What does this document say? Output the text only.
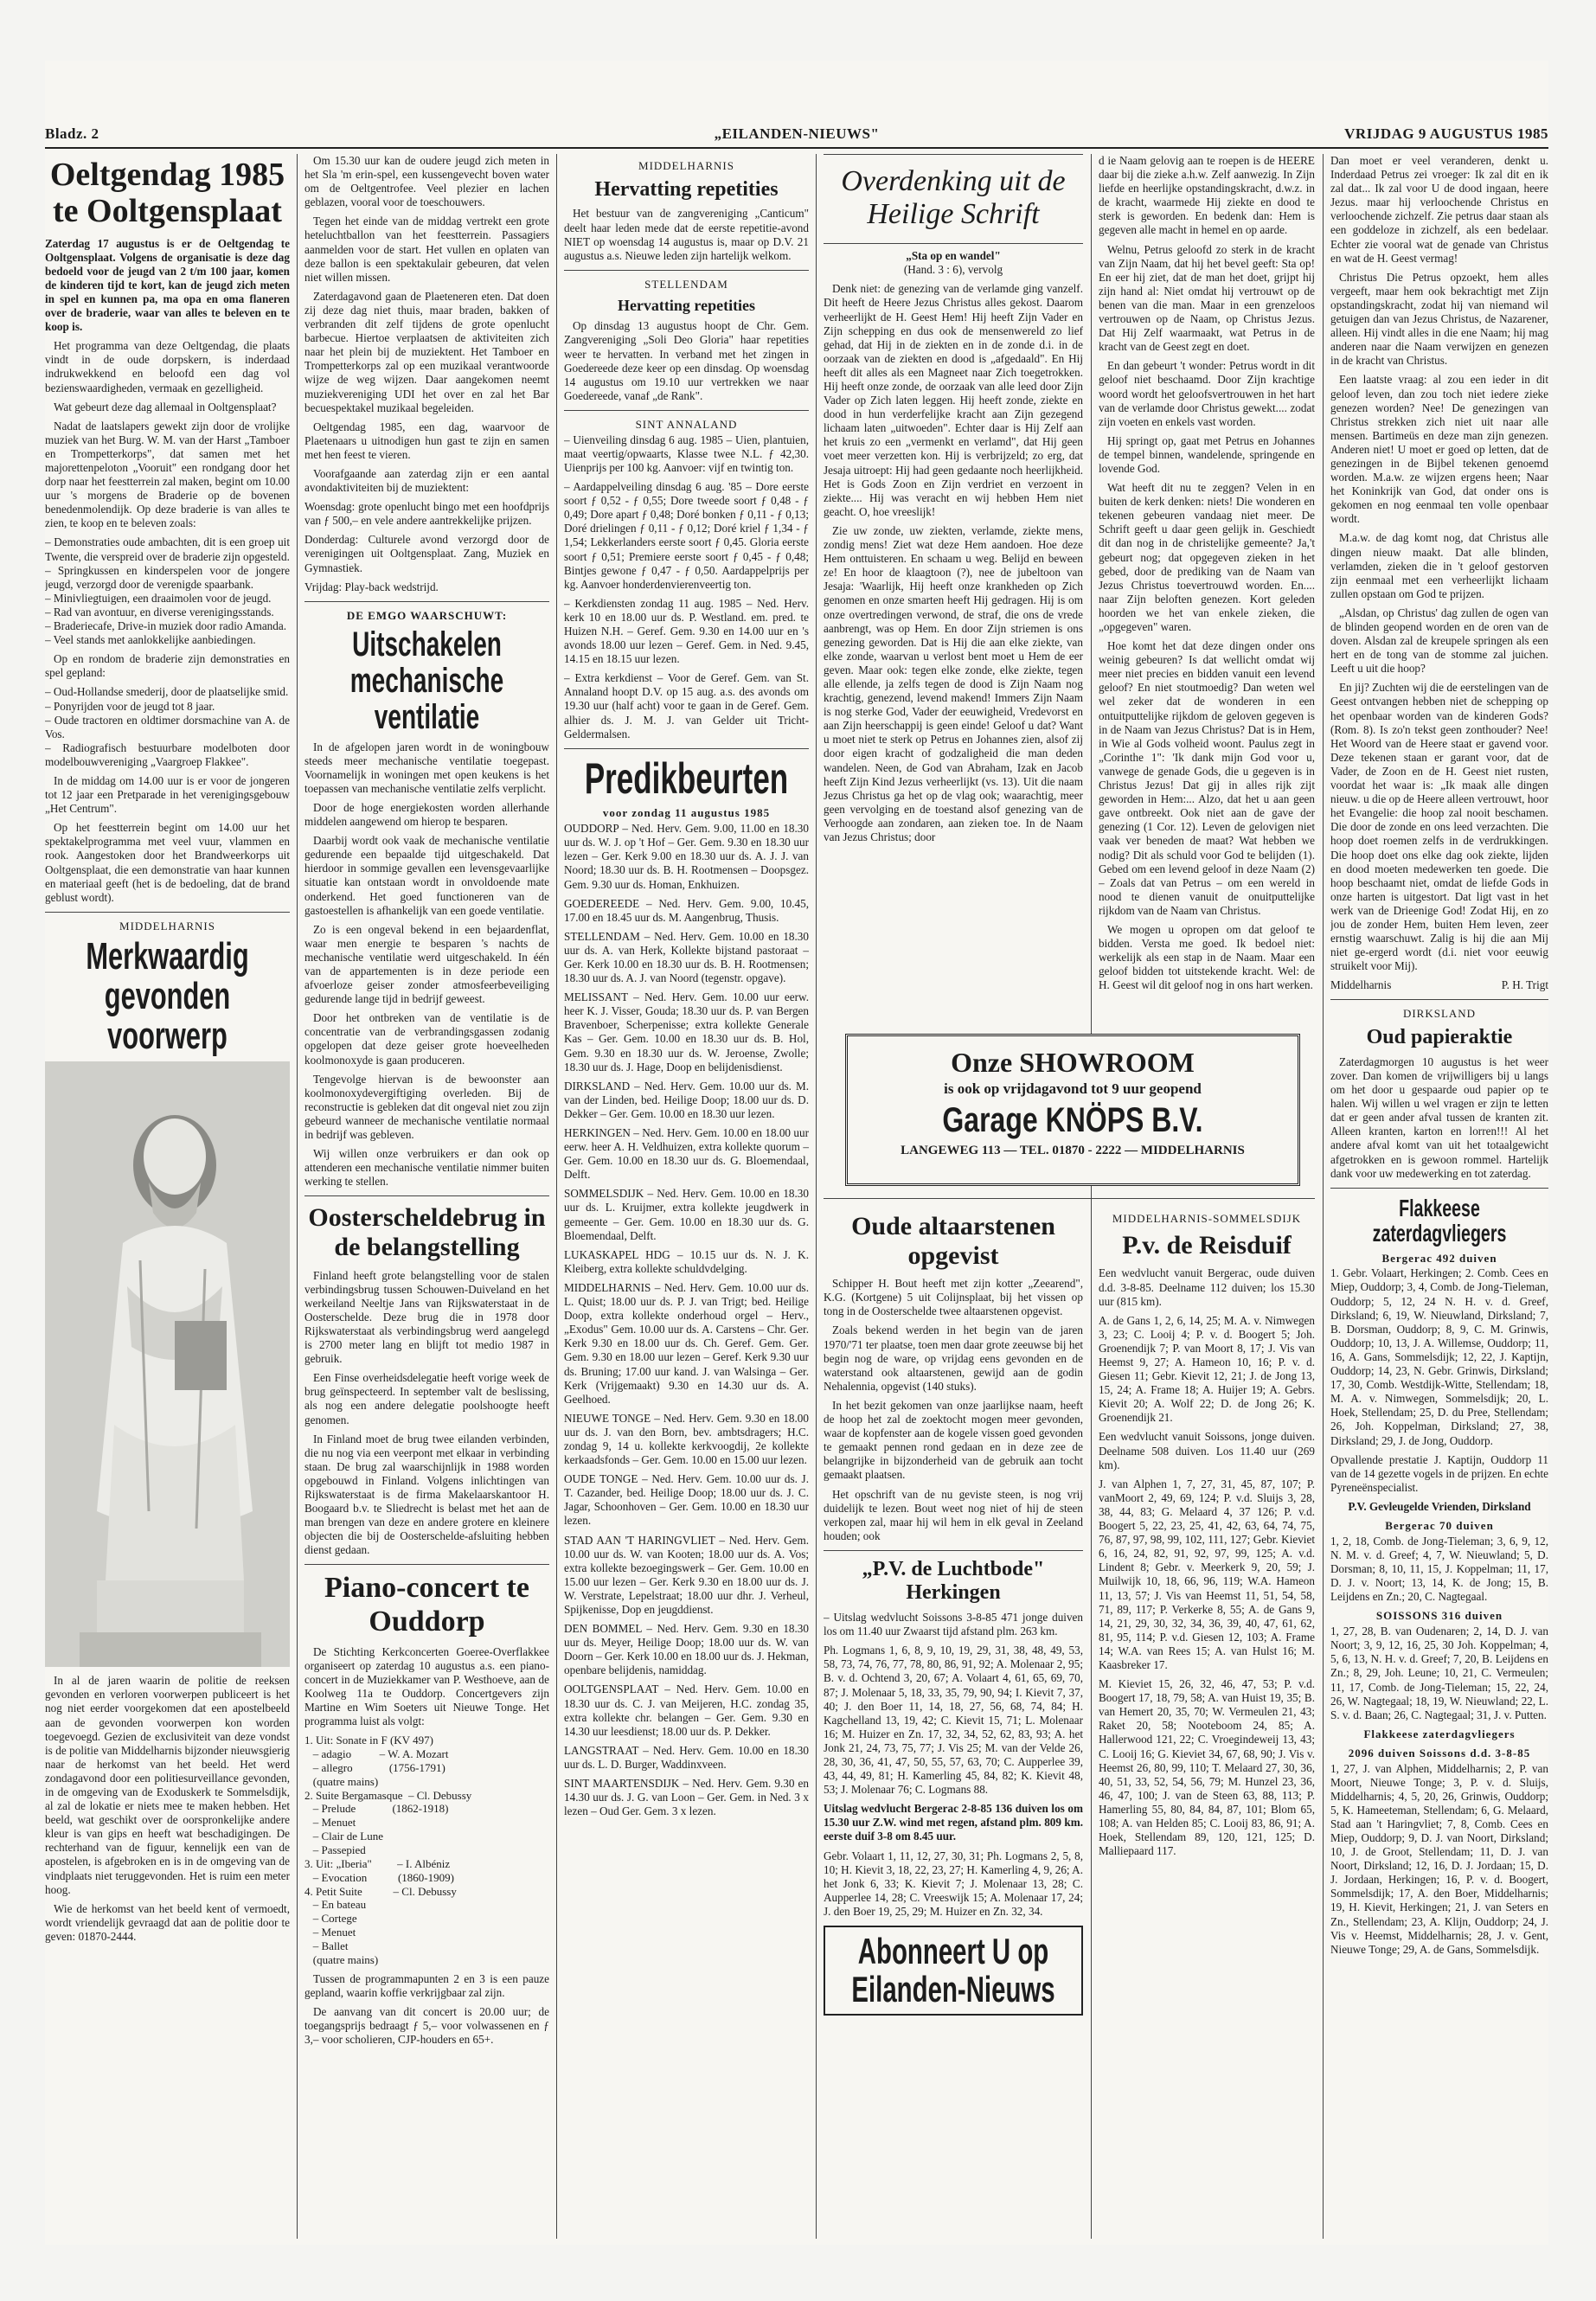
Bladz. 2	„EILANDEN-NIEUWS"	VRIJDAG 9 AUGUSTUS 1985
Oeltgendag 1985 te Ooltgensplaat

Zaterdag 17 augustus is er de Oeltgendag te Ooltgensplaat. Volgens de organisatie is deze dag bedoeld voor de jeugd van 2 t/m 100 jaar, komen de kinderen tijd te kort, kan de jeugd zich meten in spel en kunnen pa, ma opa en oma flaneren over de braderie, waar van alles te beleven en te koop is.

Het programma van deze Oeltgendag, die plaats vindt in de oude dorpskern, is inderdaad indrukwekkend en beloofd een dag vol bezienswaardigheden, vermaak en gezelligheid.

Wat gebeurt deze dag allemaal in Ooltgensplaat?

Nadat de laatslapers gewekt zijn door de vrolijke muziek van het Burg. W. M. van der Harst „Tamboer en Trompetterkorps", dat samen met het majorettenpeloton „Vooruit" een rondgang door het dorp naar het feestterrein zal maken, begint om 10.00 uur 's morgens de Braderie op de bovenen benedenmolendijk. Op deze braderie is van alles te zien, te koop en te beleven zoals:

– Demonstraties oude ambachten, dit is een groep uit Twente, die verspreid over de braderie zijn opgesteld.
– Springkussen en kinderspelen voor de jongere jeugd, verzorgd door de verenigde spaarbank.
– Minivliegtuigen, een draaimolen voor de jeugd.
– Rad van avontuur, en diverse verenigingsstands.
– Braderiecafe, Drive-in muziek door radio Amanda.
– Veel stands met aanlokkelijke aanbiedingen.

Op en rondom de braderie zijn demonstraties en spel gepland:

– Oud-Hollandse smederij, door de plaatselijke smid.
– Ponyrijden voor de jeugd tot 8 jaar.
– Oude tractoren en oldtimer dorsmachine van A. de Vos.
– Radiografisch bestuurbare modelboten door modelbouwvereniging „Vaargroep Flakkee".

In de middag om 14.00 uur is er voor de jongeren tot 12 jaar een Pretparade in het verenigingsgebouw „Het Centrum".

Op het feestterrein begint om 14.00 uur het spektakelprogramma met veel vuur, vlammen en rook. Aangestoken door het Brandweerkorps uit Ooltgensplaat, die een demonstratie van haar kunnen en materiaal geeft (het is de bedoeling, dat de brand geblust wordt).

MIDDELHARNIS
Merkwaardig gevonden voorwerp

In al de jaren waarin de politie de reeksen gevonden en verloren voorwerpen publiceert is het nog niet eerder voorgekomen dat een apostelbeeld aan de gevonden voorwerpen kon worden toegevoegd. Gezien de exclusiviteit van deze vondst is de politie van Middelharnis bijzonder nieuwsgierig naar de herkomst van het beeld. Het werd zondagavond door een politiesurveillance gevonden, in de omgeving van de Exoduskerk te Sommelsdijk, al zal de lokatie er niets mee te maken hebben. Het beeld, wat geschikt over de oorspronkelijke andere kleur is van gips en heeft wat beschadigingen. De rechterhand van de figuur, kennelijk een van de apostelen, is afgebroken en is in de omgeving van de vindplaats niet teruggevonden. Het is ruim een meter hoog.

Wie de herkomst van het beeld kent of vermoedt, wordt vriendelijk gevraagd dat aan de politie door te geven: 01870-2444.

Om 15.30 uur kan de oudere jeugd zich meten in het Sla 'm erin-spel, een kussengevecht boven water om de Oeltgentrofee. Veel plezier en lachen geblazen, vooral voor de toeschouwers.

Tegen het einde van de middag vertrekt een grote heteluchtballon van het feestterrein. Passagiers aanmelden voor de start. Het vullen en oplaten van deze ballon is een spektakulair gebeuren, dat velen niet willen missen.

Zaterdagavond gaan de Plaeteneren eten. Dat doen zij deze dag niet thuis, maar braden, bakken of verbranden dit zelf tijdens de grote openlucht barbecue. Hiertoe verplaatsen de aktiviteiten zich naar het plein bij de muziektent. Het Tamboer en Trompetterkorps zal op een muzikaal verantwoorde wijze de weg wijzen. Daar aangekomen neemt muziekvereniging UDI het over en zal het Bar becuespektakel muzikaal begeleiden.

Oeltgendag 1985, een dag, waarvoor de Plaetenaars u uitnodigen hun gast te zijn en samen met hen feest te vieren.

Voorafgaande aan zaterdag zijn er een aantal avondaktiviteiten bij de muziektent:

Woensdag: grote openlucht bingo met een hoofdprijs van ƒ 500,– en vele andere aantrekkelijke prijzen.

Donderdag: Culturele avond verzorgd door de verenigingen uit Ooltgensplaat. Zang, Muziek en Gymnastiek.

Vrijdag: Play-back wedstrijd.

DE EMGO WAARSCHUWT:
Uitschakelen mechanische ventilatie

In de afgelopen jaren wordt in de woningbouw steeds meer mechanische ventilatie toegepast. Voornamelijk in woningen met open keukens is het toepassen van mechanische ventilatie zelfs verplicht.

Door de hoge energiekosten worden allerhande middelen aangewend om hierop te besparen.

Daarbij wordt ook vaak de mechanische ventilatie gedurende een bepaalde tijd uitgeschakeld. Dat hierdoor in sommige gevallen een levensgevaarlijke situatie kan ontstaan wordt in onvoldoende mate onderkend. Het goed functioneren van de gastoestellen is afhankelijk van een goede ventilatie.

Zo is een ongeval bekend in een bejaardenflat, waar men energie te besparen 's nachts de mechanische ventilatie werd uitgeschakeld. In één van de appartementen is in deze periode een afvoerloze geiser zonder atmosfeerbeveiliging gedurende lange tijd in bedrijf geweest.

Door het ontbreken van de ventilatie is de concentratie van de verbrandingsgassen zodanig opgelopen dat deze geiser grote hoeveelheden koolmonoxyde is gaan produceren.

Tengevolge hiervan is de bewoonster aan koolmonoxydevergiftiging overleden. Bij de reconstructie is gebleken dat dit ongeval niet zou zijn gebeurd wanneer de mechanische ventilatie normaal in bedrijf was gebleven.

Wij willen onze verbruikers er dan ook op attenderen een mechanische ventilatie nimmer buiten werking te stellen.

Oosterscheldebrug in de belangstelling

Finland heeft grote belangstelling voor de stalen verbindingsbrug tussen Schouwen-Duiveland en het werkeiland Neeltje Jans van Rijkswaterstaat in de Oosterschelde. Deze brug die in 1978 door Rijkswaterstaat als verbindingsbrug werd aangelegd is 2700 meter lang en blijft tot medio 1987 in gebruik.

Een Finse overheidsdelegatie heeft vorige week de brug geïnspecteerd. In september valt de beslissing, als nog een andere delegatie poolshoogte heeft genomen.

In Finland moet de brug twee eilanden verbinden, die nu nog via een veerpont met elkaar in verbinding staan. De brug zal waarschijnlijk in 1988 worden opgebouwd in Finland. Volgens inlichtingen van Rijkswaterstaat is de firma Makelaarskantoor H. Boogaard b.v. te Sliedrecht is belast met het aan de man brengen van deze en andere grotere en kleinere objecten die bij de Oosterschelde-afsluiting hebben dienst gedaan.

Piano-concert te Ouddorp

De Stichting Kerkconcerten Goeree-Overflakkee organiseert op zaterdag 10 augustus a.s. een piano-concert in de Muziekkamer van P. Westhoeve, aan de Koolweg 11a te Ouddorp. Concertgevers zijn Martine en Wim Soeters uit Nieuwe Tonge. Het programma luist als volgt:

1. Uit: Sonate in F (KV 497)
– adagio          – W. A. Mozart
– allegro             (1756-1791)
(quatre mains)
2. Suite Bergamasque  – Cl. Debussy
– Prelude             (1862-1918)
– Menuet
– Clair de Lune
– Passepied
3. Uit: „Iberia"         – I. Albéniz
– Evocation           (1860-1909)
4. Petit Suite           – Cl. Debussy
– En bateau
– Cortege
– Menuet
– Ballet
(quatre mains)

Tussen de programmapunten 2 en 3 is een pauze gepland, waarin koffie verkrijgbaar zal zijn.

De aanvang van dit concert is 20.00 uur; de toegangsprijs bedraagt ƒ 5,– voor volwassenen en ƒ 3,– voor scholieren, CJP-houders en 65+.

MIDDELHARNIS
Hervatting repetities

Het bestuur van de zangvereniging „Canticum" deelt haar leden mede dat de eerste repetitie-avond NIET op woensdag 14 augustus is, maar op D.V. 21 augustus a.s. Nieuwe leden zijn hartelijk welkom.

STELLENDAM
Hervatting repetities

Op dinsdag 13 augustus hoopt de Chr. Gem. Zangvereniging „Soli Deo Gloria" haar repetities weer te hervatten. In verband met het zingen in Goedereede deze keer op een dinsdag. Op woensdag 14 augustus om 19.10 uur vertrekken we naar Goedereede, vanaf „de Rank".

SINT ANNALAND

– Uienveiling dinsdag 6 aug. 1985 – Uien, plantuien, maat veertig/opwaarts, Klasse twee N.L. ƒ 42,30. Uienprijs per 100 kg. Aanvoer: vijf en twintig ton.

– Aardappelveiling dinsdag 6 aug. '85 – Dore eerste soort ƒ 0,52 - ƒ 0,55; Dore tweede soort ƒ 0,48 - ƒ 0,49; Dore apart ƒ 0,48; Doré bonken ƒ 0,11 - ƒ 0,13; Doré drielingen ƒ 0,11 - ƒ 0,12; Doré kriel ƒ 1,34 - ƒ 1,54; Lekkerlanders eerste soort ƒ 0,45. Gloria eerste soort ƒ 0,51; Premiere eerste soort ƒ 0,45 - ƒ 0,48; Bintjes gewone ƒ 0,47 - ƒ 0,50. Aardappelprijs per kg. Aanvoer honderdenvierenveertig ton.

– Kerkdiensten zondag 11 aug. 1985 – Ned. Herv. kerk 10 en 18.00 uur ds. P. Westland. em. pred. te Huizen N.H. – Geref. Gem. 9.30 en 14.00 uur en 's avonds 18.00 uur lezen – Geref. Gem. in Ned. 9.45, 14.15 en 18.15 uur lezen.

– Extra kerkdienst – Voor de Geref. Gem. van St. Annaland hoopt D.V. op 15 aug. a.s. des avonds om 19.30 uur (half acht) voor te gaan in de Geref. Gem. alhier ds. J. M. J. van Gelder uit Tricht-Geldermalsen.

Predikbeurten
voor zondag 11 augustus 1985

OUDDORP – Ned. Herv. Gem. 9.00, 11.00 en 18.30 uur ds. W. J. op 't Hof – Ger. Gem. 9.30 en 18.30 uur lezen – Ger. Kerk 9.00 en 18.30 uur ds. A. J. J. van Noord; 18.30 uur ds. B. H. Rootmensen – Doopsgez. Gem. 9.30 uur ds. Homan, Enkhuizen.

GOEDEREEDE – Ned. Herv. Gem. 9.00, 10.45, 17.00 en 18.45 uur ds. M. Aangenbrug, Thusis.

STELLENDAM – Ned. Herv. Gem. 10.00 en 18.30 uur ds. A. van Herk, Kollekte bijstand pastoraat – Ger. Kerk 10.00 en 18.30 uur ds. B. H. Rootmensen; 18.30 uur ds. A. J. van Noord (tegenstr. opgave).

MELISSANT – Ned. Herv. Gem. 10.00 uur eerw. heer K. J. Visser, Gouda; 18.30 uur ds. P. van Bergen Bravenboer, Scherpenisse; extra kollekte Generale Kas – Ger. Gem. 10.00 en 18.30 uur ds. B. Hol, Gem. 9.30 en 18.30 uur ds. W. Jeroense, Zwolle; 18.30 uur ds. J. Hage, Doop en belijdenisdienst.

DIRKSLAND – Ned. Herv. Gem. 10.00 uur ds. M. van der Linden, bed. Heilige Doop; 18.00 uur ds. D. Dekker – Ger. Gem. 10.00 en 18.30 uur lezen.

HERKINGEN – Ned. Herv. Gem. 10.00 en 18.00 uur eerw. heer A. H. Veldhuizen, extra kollekte quorum – Ger. Gem. 10.00 en 18.30 uur ds. G. Bloemendaal, Delft.

SOMMELSDIJK – Ned. Herv. Gem. 10.00 en 18.30 uur ds. L. Kruijmer, extra kollekte jeugdwerk in gemeente – Ger. Gem. 10.00 en 18.30 uur ds. G. Bloemendaal, Delft.

LUKASKAPEL HDG – 10.15 uur ds. N. J. K. Kleiberg, extra kollekte schuldvdelging.

MIDDELHARNIS – Ned. Herv. Gem. 10.00 uur ds. L. Quist; 18.00 uur ds. P. J. van Trigt; bed. Heilige Doop, extra kollekte onderhoud orgel – Herv., „Exodus" Gem. 10.00 uur ds. A. Carstens – Chr. Ger. Kerk 9.30 en 18.00 uur ds. Ch. Geref. Gem. Ger. Gem. 9.30 en 18.00 uur lezen – Geref. Kerk 9.30 uur ds. Bruning; 17.00 uur kand. J. van Walsinga – Ger. Kerk (Vrijgemaakt) 9.30 en 14.30 uur ds. A. Geelhoed.

NIEUWE TONGE – Ned. Herv. Gem. 9.30 en 18.00 uur ds. J. van den Born, bev. ambtsdragers; H.C. zondag 9, 14 u. kollekte kerkvoogdij, 2e kollekte kerkaadsfonds – Ger. Gem. 10.00 en 15.00 uur lezen.

OUDE TONGE – Ned. Herv. Gem. 10.00 uur ds. J. T. Cazander, bed. Heilige Doop; 18.00 uur ds. J. C. Jagar, Schoonhoven – Ger. Gem. 10.00 en 18.30 uur lezen.

STAD AAN 'T HARINGVLIET – Ned. Herv. Gem. 10.00 uur ds. W. van Kooten; 18.00 uur ds. A. Vos; extra kollekte bezoegingswerk – Ger. Gem. 10.00 en 15.00 uur lezen – Ger. Kerk 9.30 en 18.00 uur ds. J. W. Verstrate, Lepelstraat; 18.00 uur dhr. J. Verheul, Spijkenisse, Dop en jeugddienst.

DEN BOMMEL – Ned. Herv. Gem. 9.30 en 18.30 uur ds. Meyer, Heilige Doop; 18.00 uur ds. W. van Doorn – Ger. Kerk 10.00 en 18.00 uur ds. J. Hekman, openbare belijdenis, namiddag.

OOLTGENSPLAAT – Ned. Herv. Gem. 10.00 en 18.30 uur ds. C. J. van Meijeren, H.C. zondag 35, extra kollekte chr. belangen – Ger. Gem. 9.30 en 14.30 uur leesdienst; 18.00 uur ds. P. Dekker.

LANGSTRAAT – Ned. Herv. Gem. 10.00 en 18.30 uur ds. L. D. Burger, Waddinxveen.

SINT MAARTENSDIJK – Ned. Herv. Gem. 9.30 en 14.30 uur ds. J. G. van Loon – Ger. Gem. in Ned. 3 x lezen – Oud Ger. Gem. 3 x lezen.

Overdenking uit de Heilige Schrift
„Sta op en wandel"
(Hand. 3 : 6), vervolg

Denk niet: de genezing van de verlamde ging vanzelf. Dit heeft de Heere Jezus Christus alles gekost. Daarom verheerlijkt de H. Geest Hem! Hij heeft Zijn Vader en Zijn schepping en dus ook de mensenwereld zo lief gehad, dat Hij in de ziekten en in de zonde d.i. in de oorzaak van de ziekten en dood is „afgedaald". En Hij heeft dit alles als een Magneet naar Zich toegetrokken. Hij heeft onze zonde, de oorzaak van alle leed door Zijn Vader op Zich laten leggen. Hij heeft zonde, ziekte en dood in hun verderfelijke kracht aan Zijn gezegend lichaam laten „uitwoeden". Echter daar is Hij Zelf aan het kruis zo een „vermenkt en verlamd", dat Hij geen voet meer verzetten kon. Hij is verbrijzeld; zo erg, dat Jesaja uitroept: Hij had geen gedaante noch heerlijkheid. Het is Gods Zoon en Zijn verdriet en verzoent in ziekte.... Hij was veracht en wij hebben Hem niet geacht. O, hoe vreeslijk!

Zie uw zonde, uw ziekten, verlamde, ziekte mens, zondig mens! Ziet wat deze Hem aandoen. Hoe deze Hem onttuisteren. En schaam u weg. Belijd en beween ze! En hoor de klaagtoon (?), nee de jubeltoon van Jesaja: 'Waarlijk, Hij heeft onze krankheden op Zich genomen en onze smarten heeft Hij gedragen. Hij is om onze overtredingen verwond, de straf, die ons de vrede aanbrengt, was op Hem. En door Zijn striemen is ons genezing geworden. Dat is Hij die aan elke ziekte, van elke zonde, waarvan u verlost bent moet u Hem de eer geven. Maar ook: tegen elke zonde, elke ziekte, tegen alle ellende, ja zelfs tegen de dood is Zijn Naam nog krachtig, genezend, levend makend! Immers Zijn Naam is nog sterke God, Vader der eeuwigheid, Vredevorst en aan Zijn heerschappij is geen einde! Geloof u dat? Want u moet niet te sterk op Petrus en Johannes zien, alsof zij door eigen kracht of godzaligheid die man deden wandelen. Neen, de God van Abraham, Izak en Jacob heeft Zijn Kind Jezus verheerlijkt (vs. 13). Uit die naam Jezus Christus ga het op de vlag ook; waarachtig, meer geen vervolging en de toestand alsof genezing van de Verhoogde aan zondaren, aan zieken toe. In de Naam van Jezus Christus; door

d ie Naam gelovig aan te roepen is de HEERE daar bij die zieke a.h.w. Zelf aanwezig. In Zijn liefde en heerlijke opstandingskracht, d.w.z. in de kracht, waarmede Hij ziekte en dood te sterk is geworden. En bedenk dan: Hem is gegeven alle macht in hemel en op aarde.

Welnu, Petrus geloofd zo sterk in de kracht van Zijn Naam, dat hij het bevel geeft: Sta op! En eer hij ziet, dat de man het doet, grijpt hij zijn hand al: Niet omdat hij vertrouwt op de benen van die man. Maar in een grenzeloos vertrouwen op de Naam, op Christus Jezus. Dat Hij Zelf waarmaakt, wat Petrus in de kracht van de Geest zegt en doet.

En dan gebeurt 't wonder: Petrus wordt in dit geloof niet beschaamd. Door Zijn krachtige woord wordt het geloofsvertrouwen in het hart van de verlamde door Christus gewekt.... zodat zijn voeten en enkels vast worden.

Hij springt op, gaat met Petrus en Johannes de tempel binnen, wandelende, springende en lovende God.

Wat heeft dit nu te zeggen? Velen in en buiten de kerk denken: niets! Die wonderen en tekenen gebeuren vandaag niet meer. De Schrift geeft u daar geen gelijk in. Geschiedt dit dan nog in de christelijke gemeente? Ja,'t gebeurt nog; dat opgegeven zieken in het gebed, door de prediking van de Naam van Jezus Christus toevertrouwd worden. En.... naar Zijn beloften genezen. Kort geleden hoorden we het van enkele zieken, die „opgegeven" waren.

Hoe komt het dat deze dingen onder ons weinig gebeuren? Is dat wellicht omdat wij meer niet precies en bidden vanuit een levend geloof? En niet stoutmoedig? Dan weten wel wel zeker dat de wonderen in een ontuitputtelijke rijkdom de geloven gegeven is in de Naam van Jezus Christus? Dat is in Hem, in Wie al Gods volheid woont. Paulus zegt in „Corinthe 1": 'Ik dank mijn God voor u, vanwege de genade Gods, die u gegeven is in Christus Jezus! Dat gij in alles rijk zijt geworden in Hem:... Alzo, dat het u aan geen gave ontbreekt. Ook niet aan de gave der genezing (1 Cor. 12). Leven de gelovigen niet vaak ver beneden de maat? Wat hebben we nodig? Dit als schuld voor God te belijden (1). Gebed om een levend geloof in deze Naam (2) – Zoals dat van Petrus – om een wereld in nood te dienen vanuit de onuitputtelijke rijkdom van de Naam van Christus.

We mogen u opropen om dat geloof te bidden. Versta me goed. Ik bedoel niet: werkelijk als een stap in de Naam. Maar een geloof bidden tot uitstekende kracht. Wel: de H. Geest wil dit geloof nog in ons hart werken.

Onze SHOWROOM
is ook op vrijdagavond tot 9 uur geopend
Garage KNÖPS B.V.
LANGEWEG 113 — TEL. 01870 - 2222 — MIDDELHARNIS
Oude altaarstenen opgevist

Schipper H. Bout heeft met zijn kotter „Zeearend", K.G. (Kortgene) 5 uit Colijnsplaat, bij het vissen op tong in de Oosterschelde twee altaarstenen opgevist.

Zoals bekend werden in het begin van de jaren 1970/'71 ter plaatse, toen men daar grote zeeuwse bij het begin nog de ware, op vrijdag eens gevonden en de waterstand ook altaarstenen, gewijd aan de godin Nehalennia, opgevist (140 stuks).

In het bezit gekomen van onze jaarlijkse naam, heeft de hoop het zal de zoektocht mogen meer gevonden, waar de kopfenster aan de kogele vissen goed gevonden te gemaakt pennen rond gedaan en in deze zee de belangrijke in bijzonderheid van de gebruik aan tocht gemaakt plaatsen.

Het opschrift van de nu geviste steen, is nog vrij duidelijk te lezen. Bout weet nog niet of hij de steen verkopen zal, maar hij wil hem in elk geval in Zeeland houden; ook

„P.V. de Luchtbode" Herkingen

– Uitslag wedvlucht Soissons 3-8-85 471 jonge duiven los om 11.40 uur Zwaarst tijd afstand plm. 263 km.

Ph. Logmans 1, 6, 8, 9, 10, 19, 29, 31, 38, 48, 49, 53, 58, 73, 74, 76, 77, 78, 80, 86, 91, 92; A. Molenaar 2, 95; B. v. d. Ochtend 3, 20, 67; A. Volaart 4, 61, 65, 69, 70, 87; J. Molenaar 5, 18, 33, 35, 79, 90, 94; I. Kievit 7, 37, 40; J. den Boer 11, 14, 18, 27, 56, 68, 74, 84; H. Kagchelland 13, 19, 42; C. Kievit 15, 71; L. Molenaar 16; M. Huizer en Zn. 17, 32, 34, 52, 62, 83, 93; A. het Jonk 21, 24, 73, 75, 77; J. Vis 25; M. van der Velde 26, 28, 30, 36, 41, 47, 50, 55, 57, 63, 70; C. Aupperlee 39, 43, 44, 49, 81; H. Kamerling 45, 84, 82; K. Kievit 48, 53; J. Molenaar 76; C. Logmans 88.

Uitslag wedvlucht Bergerac 2-8-85 136 duiven los om 15.30 uur Z.W. wind met regen, afstand plm. 809 km. eerste duif 3-8 om 8.45 uur.

Gebr. Volaart 1, 11, 12, 27, 30, 31; Ph. Logmans 2, 5, 8, 10; H. Kievit 3, 18, 22, 23, 27; H. Kamerling 4, 9, 26; A. het Jonk 6, 33; K. Kievit 7; J. Molenaar 13, 28; C. Aupperlee 14, 28; C. Vreeswijk 15; A. Molenaar 17, 24; J. den Boer 19, 25, 29; M. Huizer en Zn. 32, 34.

Abonneert U op Eilanden-Nieuws
MIDDELHARNIS-SOMMELSDIJK
P.v. de Reisduif

Een wedvlucht vanuit Bergerac, oude duiven d.d. 3-8-85. Deelname 112 duiven; los 15.30 uur (815 km).

A. de Gans 1, 2, 6, 14, 25; M. A. v. Nimwegen 3, 23; C. Looij 4; P. v. d. Boogert 5; Joh. Groenendijk 7; P. van Moort 8, 17; J. Vis van Heemst 9, 27; A. Hameon 10, 16; P. v. d. Giesen 11; Gebr. Kievit 12, 21; J. de Jong 13, 15, 24; A. Frame 18; A. Huijer 19; A. Gebrs. Kievit 20; A. Wolf 22; D. de Jong 26; K. Groenendijk 21.

Een wedvlucht vanuit Soissons, jonge duiven. Deelname 508 duiven. Los 11.40 uur (269 km).

J. van Alphen 1, 7, 27, 31, 45, 87, 107; P. vanMoort 2, 49, 69, 124; P. v.d. Sluijs 3, 28, 38, 44, 83; G. Melaard 4, 37 126; P. v.d. Boogert 5, 22, 23, 25, 41, 42, 63, 64, 74, 75, 76, 87, 97, 98, 99, 102, 111, 127; Gebr. Kieviet 6, 16, 24, 82, 91, 92, 97, 99, 125; A. v.d. Lindent 8; Gebr. v. Meerkerk 9, 20, 59; J. Muilwijk 10, 18, 66, 96, 119; W.A. Hameon 11, 13, 57; J. Vis van Heemst 11, 51, 54, 58, 71, 89, 117; P. Verkerke 8, 55; A. de Gans 9, 14, 21, 29, 30, 32, 34, 36, 39, 40, 47, 61, 62, 81, 95, 114; P. v.d. Giesen 12, 103; A. Frame 14; W.A. van Rees 15; A. van Hulst 16; M. Kaasbreker 17.

M. Kieviet 15, 26, 32, 46, 47, 53; P. v.d. Boogert 17, 18, 79, 58; A. van Huist 19, 35; B. van Hemert 20, 35, 70; W. Vermeulen 21, 43; Raket 20, 58; Nooteboom 24, 85; A. Hallerwood 121, 22; C. Vroegindeweij 13, 43; C. Looij 16; G. Kieviet 34, 67, 68, 90; J. Vis v. Heemst 26, 80, 99, 110; T. Melaard 27, 30, 36, 40, 51, 33, 52, 54, 56, 79; M. Hunzel 23, 36, 46, 47, 100; J. van de Steen 63, 88, 113; P. Hamerling 55, 80, 84, 84, 87, 101; Blom 65, 108; A. van Helden 85; C. Looij 83, 86, 91; A. Hoek, Stellendam 89, 120, 121, 125; D. Malliepaard 117.

Dan moet er veel veranderen, denkt u. Inderdaad Petrus zei vroeger: Ik zal dit en ik zal dat... Ik zal voor U de dood ingaan, heere Jezus. maar hij verloochende Christus en verloochende zichzelf. Zie petrus daar staan als een goddeloze in zichzelf, als een bedelaar. Echter zie vooral wat de genade van Christus en wat de H. Geest vermag!

Christus Die Petrus opzoekt, hem alles vergeeft, maar hem ook bekrachtigt met Zijn opstandingskracht, zodat hij van niemand wil getuigen dan van Jezus Christus, de Nazarener, alleen. Hij vindt alles in die ene Naam; hij mag anderen naar die Naam verwijzen en genezen in de kracht van Christus.

Een laatste vraag: al zou een ieder in dit geloof leven, dan zou toch niet iedere zieke genezen worden? Nee! De genezingen van Christus strekken zich niet uit naar alle mensen. Bartimeüs en deze man zijn genezen. Anderen niet! U moet er goed op letten, dat de genezingen in de Bijbel tekenen genoemd worden. M.a.w. ze wijzen ergens heen; Naar het Koninkrijk van God, dat onder ons is gekomen en nog eenmaal ten volle openbaar wordt.

M.a.w. de dag komt nog, dat Christus alle dingen nieuw maakt. Dat alle blinden, verlamden, zieken die in 't geloof gestorven zijn eenmaal met een verheerlijkt lichaam zullen opstaan om God te prijzen.

„Alsdan, op Christus' dag zullen de ogen van de blinden geopend worden en de oren van de doven. Alsdan zal de kreupele springen als een hert en de tong van de stomme zal juichen. Leeft u uit die hoop?

En jij? Zuchten wij die de eerstelingen van de Geest ontvangen hebben niet de schepping op het openbaar worden van de kinderen Gods? (Rom. 8). Is zo'n tekst geen zonthouder? Nee! Het Woord van de Heere staat er gavend voor. Deze tekenen staan er garant voor, dat de Vader, de Zoon en de H. Geest niet rusten, voordat het waar is: „Ik maak alle dingen nieuw. u die op de Heere alleen vertrouwt, hoor het Evangelie: die hoop zal nooit beschamen. Die door de zonde en ons leed verzachten. Die hoop doet roemen zelfs in de verdrukkingen. Die hoop doet ons elke dag ook ziekte, lijden en dood moeten medewerken ten goede. Die hoop beschaamt niet, omdat de liefde Gods in onze harten is uitgestort. Dat ligt vast in het werk van de Drieenige God! Zodat Hij, en zo jou de zonder Hem, buiten Hem leven, zeer ernstig waarschuwt. Zalig is hij die aan Mij niet ge-ergerd wordt (d.i. niet voor eeuwig struikelt voor Mij).

Middelharnis	P. H. Trigt
DIRKSLAND
Oud papieraktie

Zaterdagmorgen 10 augustus is het weer zover. Dan komen de vrijwilligers bij u langs om het door u gespaarde oud papier op te halen. Wij willen u wel vragen er zijn te letten dat er geen ander afval tussen de kranten zit. Alleen kranten, karton en lorren!!! Al het andere afval komt van uit het totaalgewicht afgetrokken en is gewoon rommel. Hartelijk dank voor uw medewerking en tot zaterdag.

Flakkeese zaterdagvliegers
Bergerac 492 duiven

1. Gebr. Volaart, Herkingen; 2. Comb. Cees en Miep, Ouddorp; 3, 4, Comb. de Jong-Tieleman, Ouddorp; 5, 12, 24 N. H. v. d. Greef, Dirksland; 6, 19, W. Nieuwland, Dirksland; 7, B. Dorsman, Ouddorp; 8, 9, C. M. Grinwis, Ouddorp; 10, 13, J. A. Willemse, Ouddorp; 11, 16, A. Gans, Sommelsdijk; 12, 22, J. Kaptijn, Ouddorp; 14, 23, N. Gebr. Grinwis, Dirksland; 17, 30, Comb. Westdijk-Witte, Stellendam; 18, M. A. v. Nimwegen, Sommelsdijk; 20, L. Hoek, Stellendam; 25, D. du Pree, Stellendam; 26, Joh. Koppelman, Dirksland; 27, 38, Dirksland; 29, J. de Jong, Ouddorp.

Opvallende prestatie J. Kaptijn, Ouddorp 11 van de 14 gezette vogels in de prijzen. En echte Pyreneënspecialist.

P.V. Gevleugelde Vrienden, Dirksland
Bergerac 70 duiven

1, 2, 18, Comb. de Jong-Tieleman; 3, 6, 9, 12, N. M. v. d. Greef; 4, 7, W. Nieuwland; 5, D. Dorsman; 8, 10, 11, 15, J. Koppelman; 11, 17, D. J. v. Noort; 13, 14, K. de Jong; 15, B. Leijdens en Zn.; 20, C. Nagtegaal.

SOISSONS 316 duiven

1, 27, 28, B. van Oudenaren; 2, 14, D. J. van Noort; 3, 9, 12, 16, 25, 30 Joh. Koppelman; 4, 5, 6, 13, N. H. v. d. Greef; 7, 20, B. Leijdens en Zn.; 8, 29, Joh. Leune; 10, 21, C. Vermeulen; 11, 17, Comb. de Jong-Tieleman; 15, 22, 24, 26, W. Nagtegaal; 18, 19, W. Nieuwland; 22, L. S. v. d. Baan; 26, C. Nagtegaal; 31, J. v. Putten.

Flakkeese zaterdagvliegers
2096 duiven Soissons d.d. 3-8-85

1, 27, J. van Alphen, Middelharnis; 2, P. van Moort, Nieuwe Tonge; 3, P. v. d. Sluijs, Middelharnis; 4, 5, 20, 26, Grinwis, Ouddorp; 5, K. Hameeteman, Stellendam; 6, G. Melaard, Stad aan 't Haringvliet; 7, 8, Comb. Cees en Miep, Ouddorp; 9, D. J. van Noort, Dirksland; 10, J. de Groot, Stellendam; 11, D. J. van Noort, Dirksland; 12, 16, D. J. Jordaan; 15, D. J. Jordaan, Herkingen; 16, P. v. d. Boogert, Sommelsdijk; 17, A. den Boer, Middelharnis; 19, H. Kievit, Herkingen; 21, J. van Seters en Zn., Stellendam; 23, A. Klijn, Ouddorp; 24, J. Vis v. Heemst, Middelharnis; 28, J. v. Gent, Nieuwe Tonge; 29, A. de Gans, Sommelsdijk.
